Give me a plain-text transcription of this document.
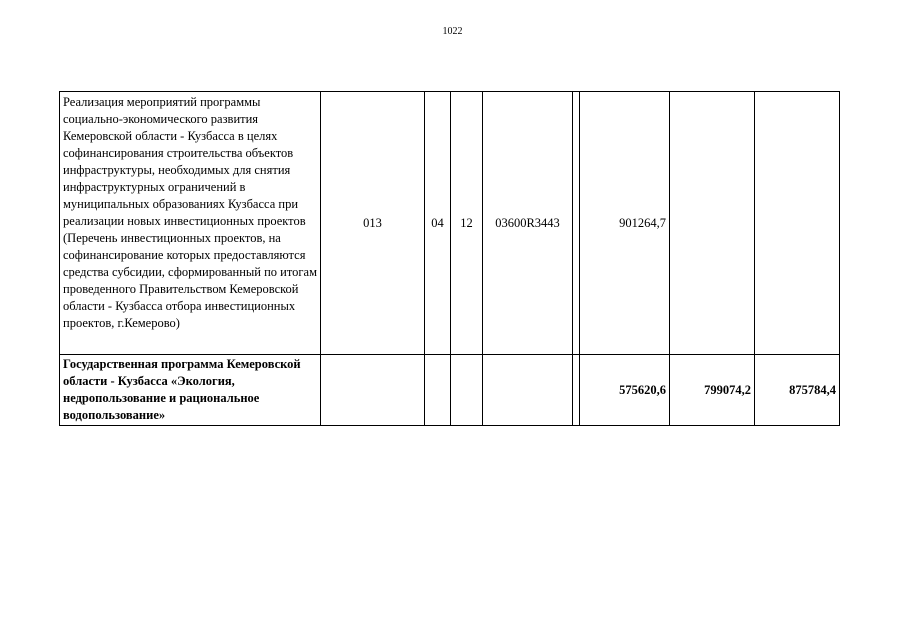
1022
Реализация мероприятий программы социально-экономического развития Кемеровской области - Кузбасса в целях софинансирования строительства объектов инфраструктуры, необходимых для снятия инфраструктурных ограничений в муниципальных образованиях Кузбасса при реализации новых инвестиционных проектов (Перечень инвестиционных проектов, на софинансирование которых предоставляются средства субсидии, сформированный по итогам проведенного Правительством Кемеровской области - Кузбасса отбора инвестиционных проектов, г.Кемерово)	013	04	12	03600R3443		901264,7		
Государственная программа Кемеровской области - Кузбасса «Экология, недропользование и рациональное водопользование»						575620,6	799074,2	875784,4
